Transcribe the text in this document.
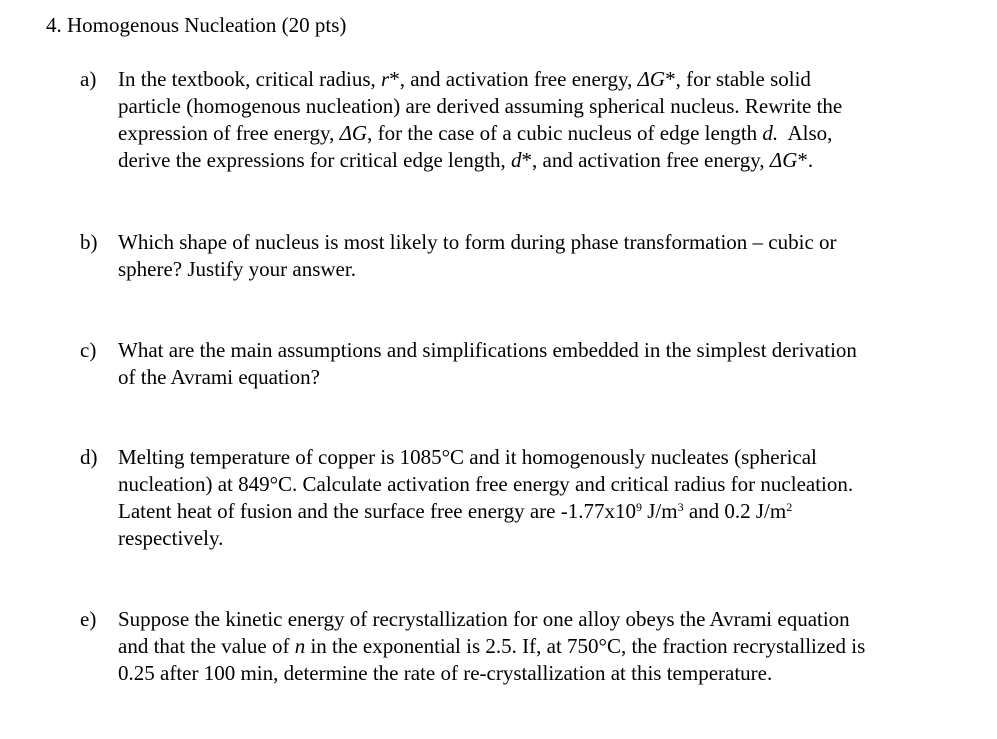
4. Homogenous Nucleation (20 pts)
a) In the textbook, critical radius, r*, and activation free energy, ΔG*, for stable solid
particle (homogenous nucleation) are derived assuming spherical nucleus. Rewrite the
expression of free energy, ΔG, for the case of a cubic nucleus of edge length d.  Also,
derive the expressions for critical edge length, d*, and activation free energy, ΔG*.
b) Which shape of nucleus is most likely to form during phase transformation – cubic or
sphere? Justify your answer.
c) What are the main assumptions and simplifications embedded in the simplest derivation
of the Avrami equation?
d) Melting temperature of copper is 1085°C and it homogenously nucleates (spherical
nucleation) at 849°C. Calculate activation free energy and critical radius for nucleation.
Latent heat of fusion and the surface free energy are $-1.77x10^9$ $J/m^3$ and 0.2 $J/m^2$
respectively.
e) Suppose the kinetic energy of recrystallization for one alloy obeys the Avrami equation
and that the value of n in the exponential is 2.5. If, at 750°C, the fraction recrystallized is
0.25 after 100 min, determine the rate of re-crystallization at this temperature.
